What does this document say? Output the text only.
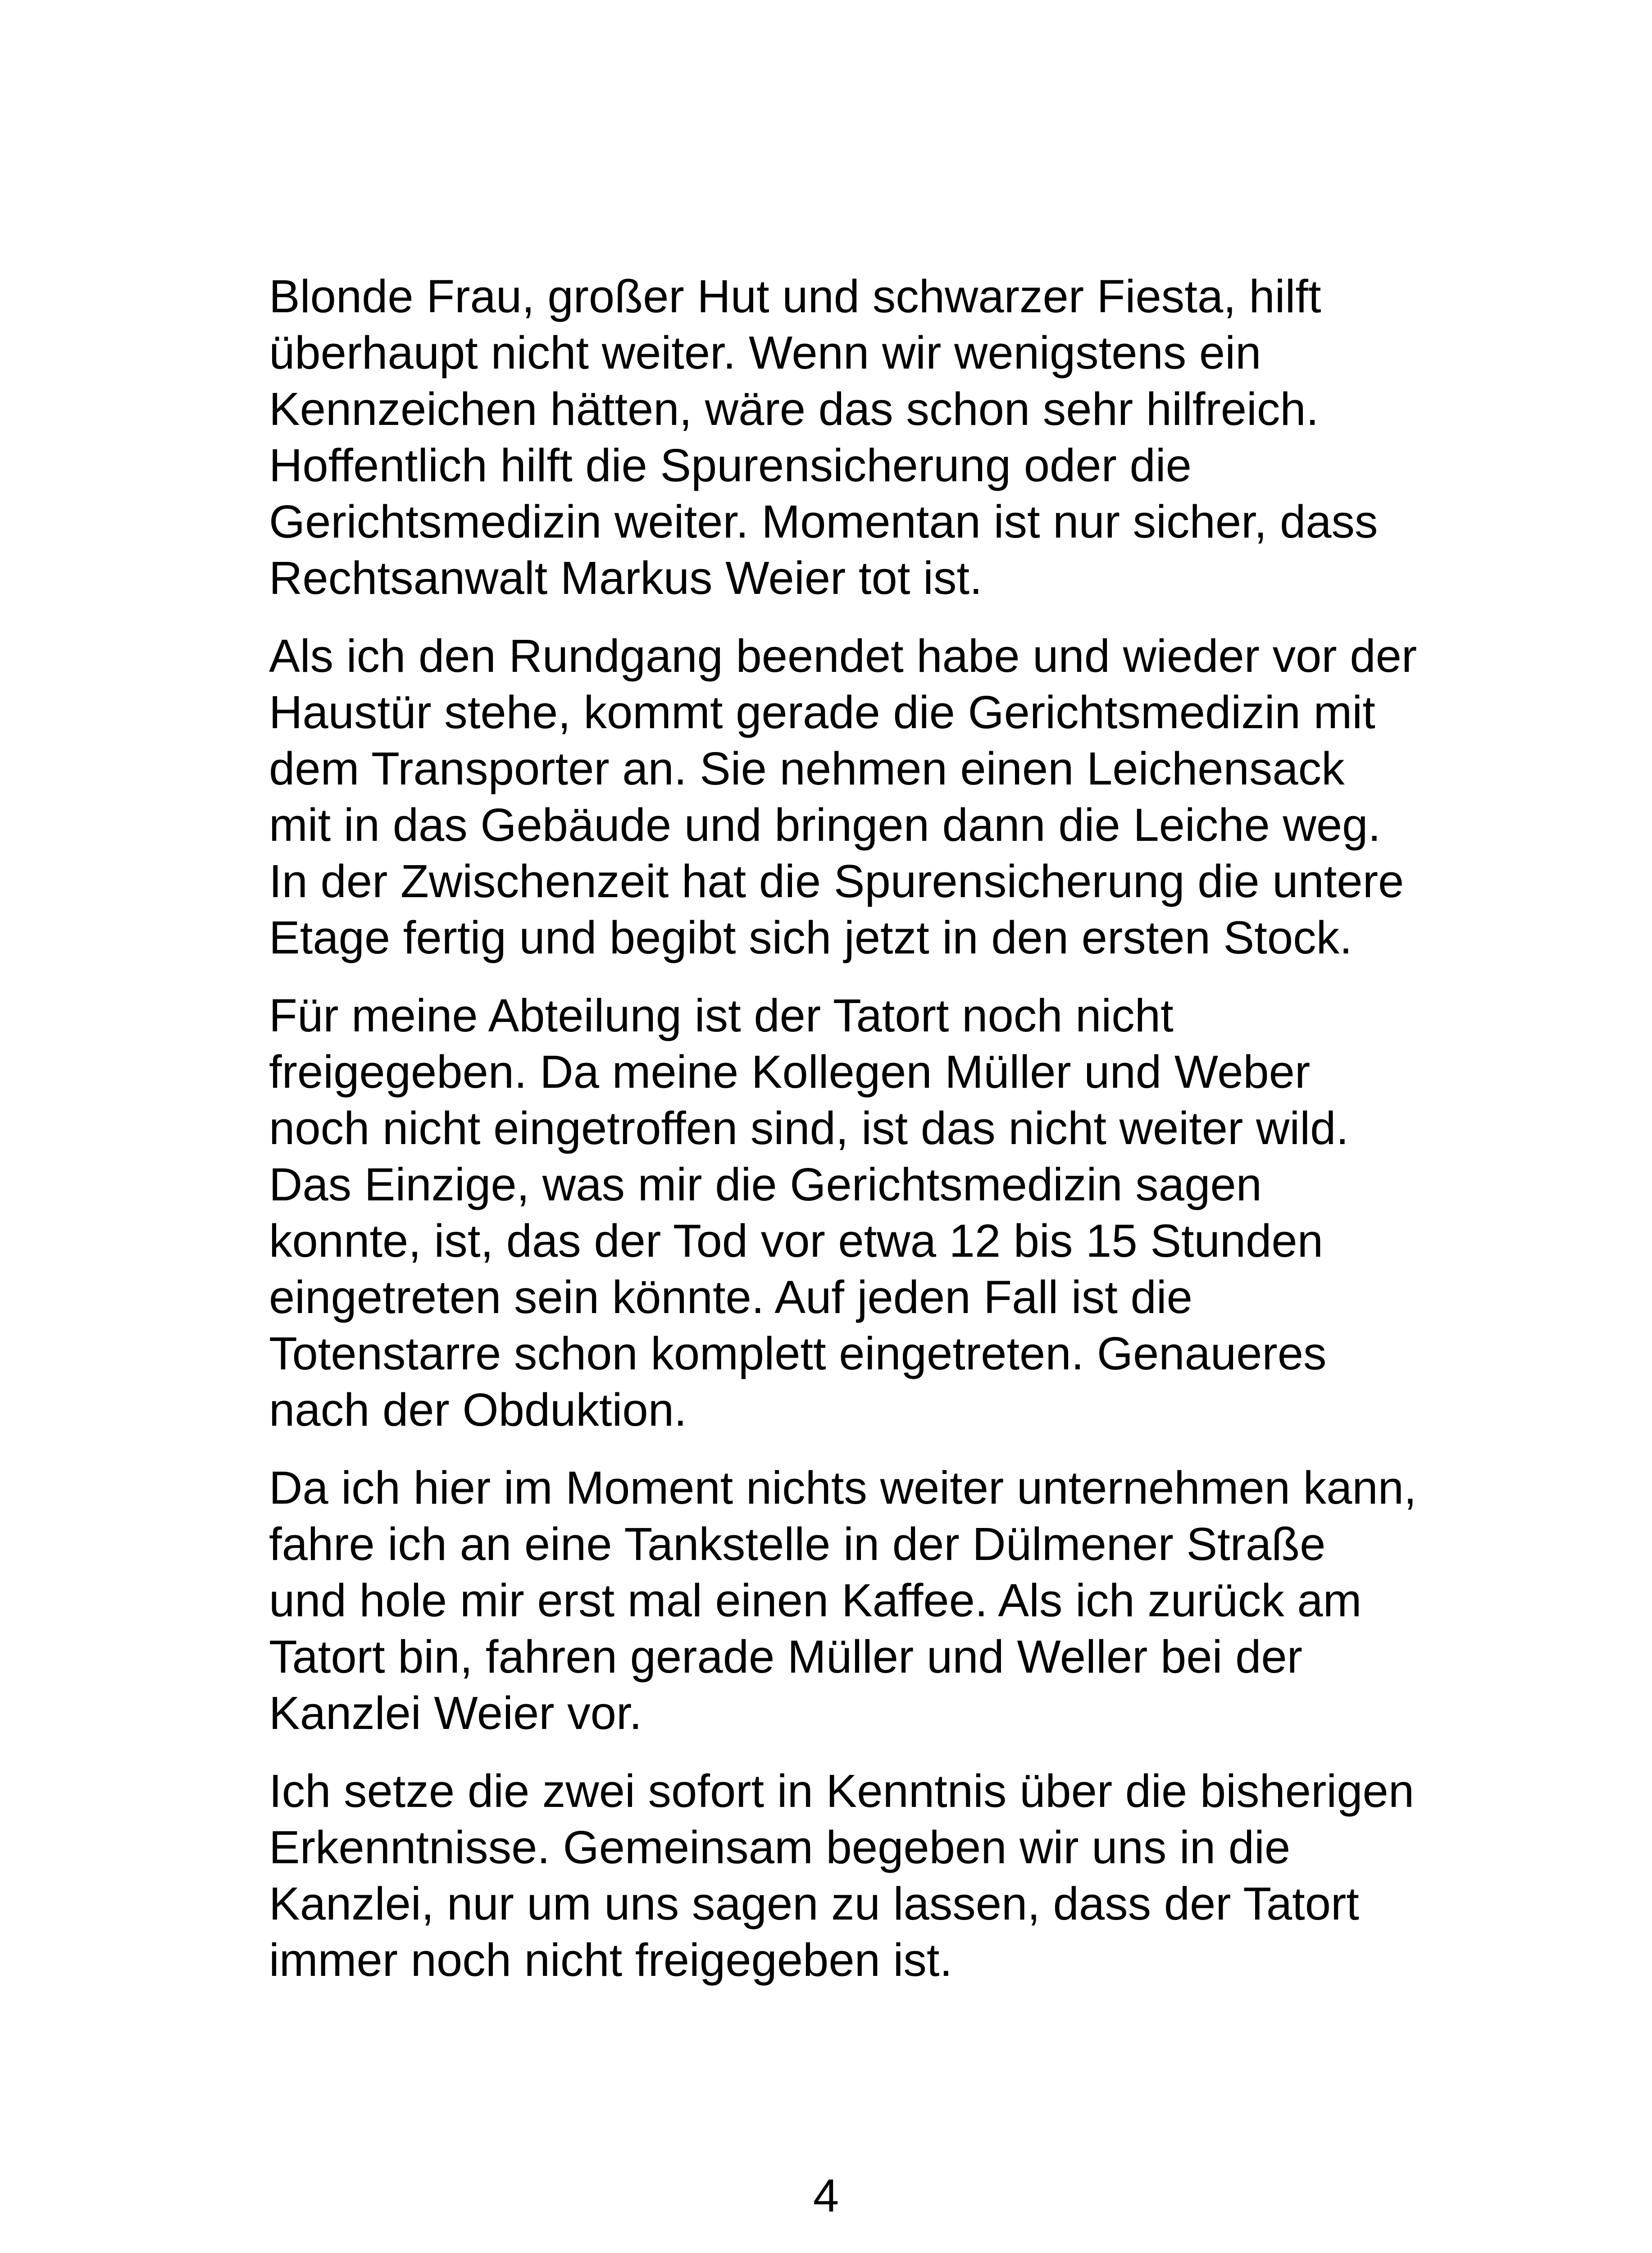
Blonde Frau, großer Hut und schwarzer Fiesta, hilft
überhaupt nicht weiter. Wenn wir wenigstens ein
Kennzeichen hätten, wäre das schon sehr hilfreich.
Hoffentlich hilft die Spurensicherung oder die
Gerichtsmedizin weiter. Momentan ist nur sicher, dass
Rechtsanwalt Markus Weier tot ist.

Als ich den Rundgang beendet habe und wieder vor der
Haustür stehe, kommt gerade die Gerichtsmedizin mit
dem Transporter an. Sie nehmen einen Leichensack
mit in das Gebäude und bringen dann die Leiche weg.
In der Zwischenzeit hat die Spurensicherung die untere
Etage fertig und begibt sich jetzt in den ersten Stock.

Für meine Abteilung ist der Tatort noch nicht
freigegeben. Da meine Kollegen Müller und Weber
noch nicht eingetroffen sind, ist das nicht weiter wild.
Das Einzige, was mir die Gerichtsmedizin sagen
konnte, ist, das der Tod vor etwa 12 bis 15 Stunden
eingetreten sein könnte. Auf jeden Fall ist die
Totenstarre schon komplett eingetreten. Genaueres
nach der Obduktion.

Da ich hier im Moment nichts weiter unternehmen kann,
fahre ich an eine Tankstelle in der Dülmener Straße
und hole mir erst mal einen Kaffee. Als ich zurück am
Tatort bin, fahren gerade Müller und Weller bei der
Kanzlei Weier vor.

Ich setze die zwei sofort in Kenntnis über die bisherigen
Erkenntnisse. Gemeinsam begeben wir uns in die
Kanzlei, nur um uns sagen zu lassen, dass der Tatort
immer noch nicht freigegeben ist.

4
